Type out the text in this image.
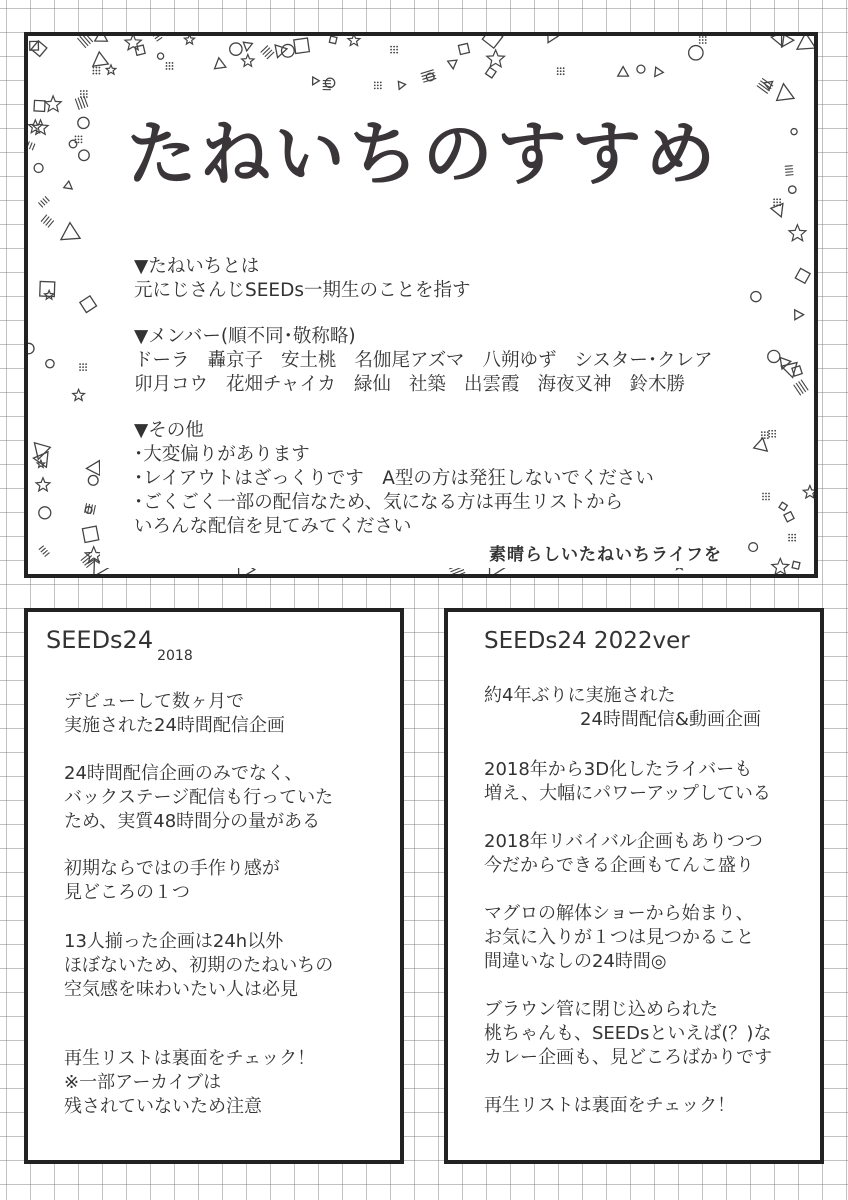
たねいちのすすめ
▼たねいちとは
元にじさんじSEEDs一期生のことを指す
▼メンバー(順不同･敬称略)
ドーラ 轟京子 安土桃 名伽尾アズマ 八朔ゆず シスター･クレア
卯月コウ 花畑チャイカ 緑仙 社築 出雲霞 海夜叉神 鈴木勝
▼その他
･大変偏りがあります
･レイアウトはざっくりです　A型の方は発狂しないでください
･ごくごく一部の配信なため、気になる方は再生リストから
いろんな配信を見てみてください
素晴らしいたねいちライフを
$SEEDs24_{2018}$
デビューして数ヶ月で
実施された24時間配信企画
24時間配信企画のみでなく、
バックステージ配信も行っていた
ため、実質48時間分の量がある
初期ならではの手作り感が
見どころの１つ
13人揃った企画は24h以外
ほぼないため、初期のたねいちの
空気感を味わいたい人は必見
再生リストは裏面をチェック！
※一部アーカイブは
残されていないため注意
SEEDs24 2022ver
約4年ぶりに実施された
24時間配信&動画企画
2018年から3D化したライバーも
増え、大幅にパワーアップしている
2018年リバイバル企画もありつつ
今だからできる企画もてんこ盛り
マグロの解体ショーから始まり、
お気に入りが１つは見つかること
間違いなしの24時間◎
ブラウン管に閉じ込められた
桃ちゃんも、SEEDsといえば(？)な
カレー企画も、見どころばかりです
再生リストは裏面をチェック！
